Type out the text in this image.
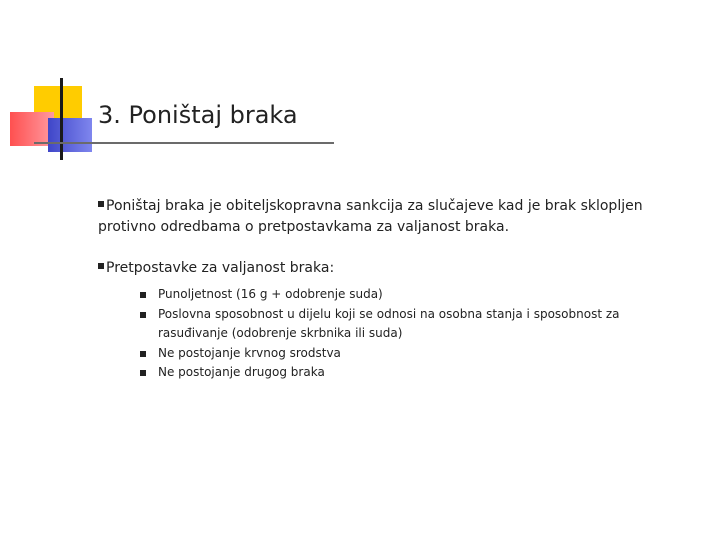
3. Poništaj braka
Poništaj braka je obiteljskopravna sankcija za slučajeve kad je brak sklopljen protivno odredbama o pretpostavkama za valjanost braka.
Pretpostavke za valjanost braka:
Punoljetnost (16 g + odobrenje suda)
Poslovna sposobnost u dijelu koji se odnosi na osobna stanja i sposobnost za rasuđivanje (odobrenje skrbnika ili suda)
Ne postojanje krvnog srodstva
Ne postojanje drugog braka
